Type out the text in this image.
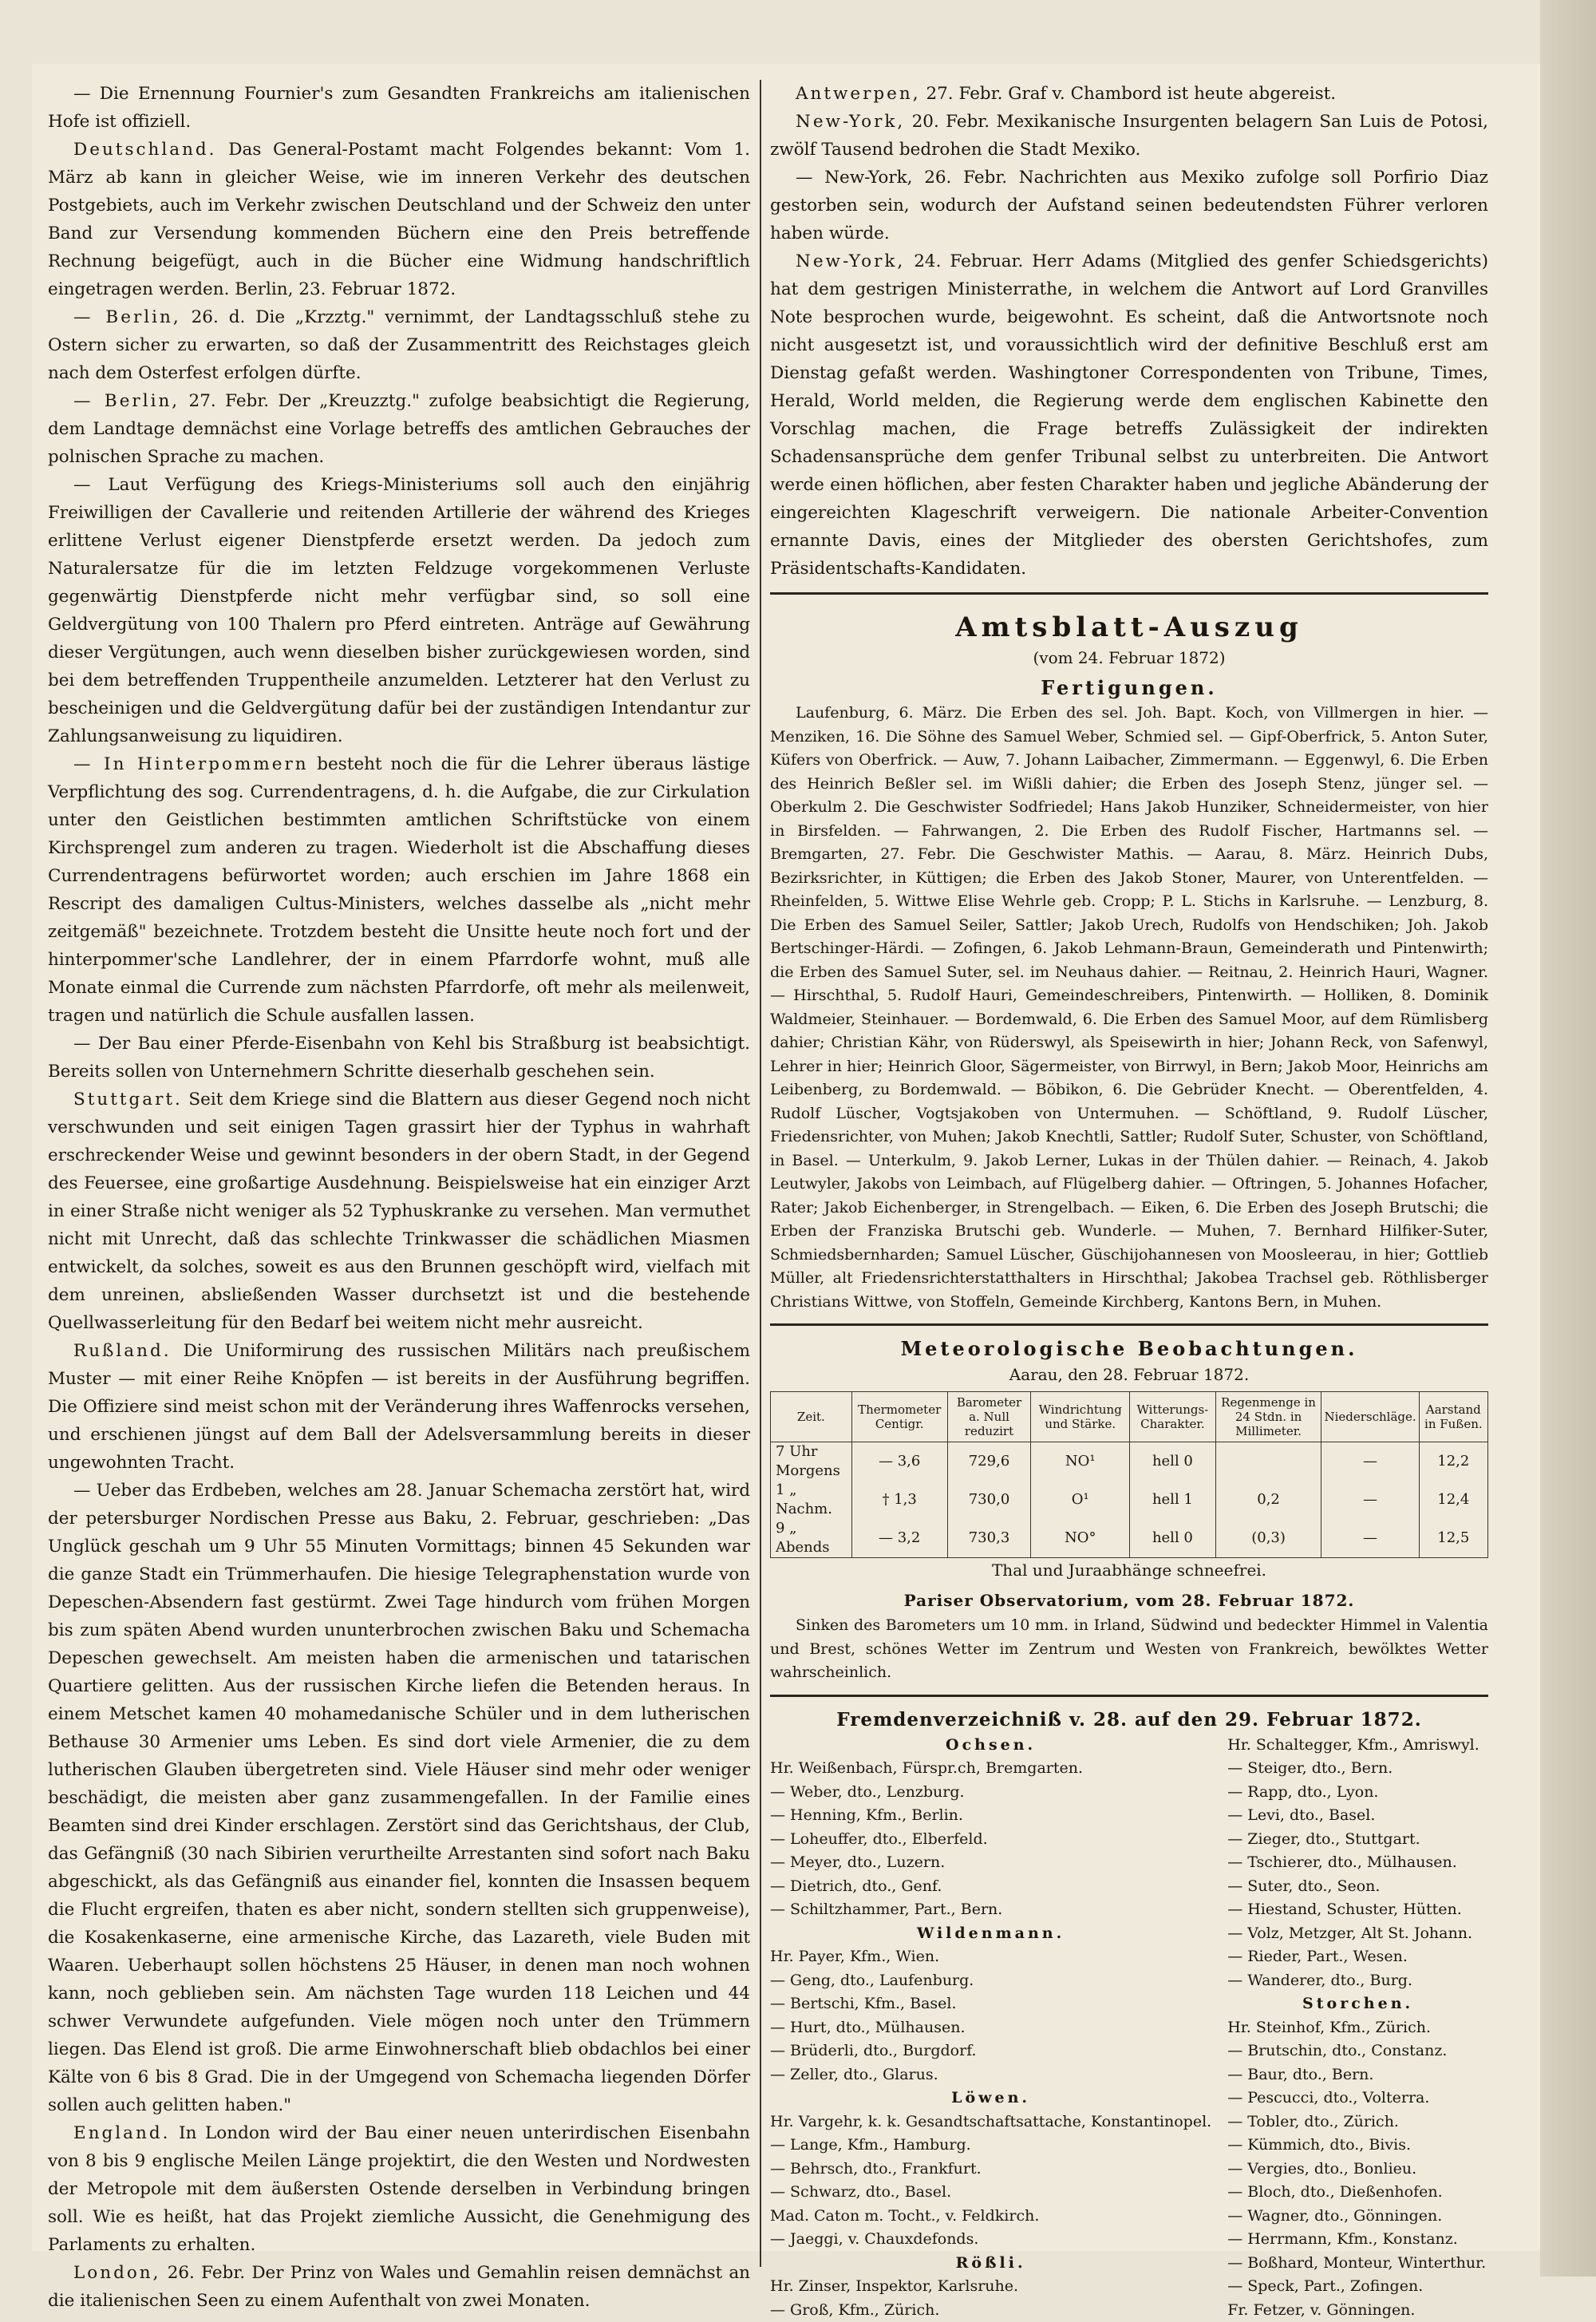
— Die Ernennung Fournier's zum Gesandten Frankreichs am italienischen Hofe ist offiziell.

Deutschland. Das General-Postamt macht Folgendes bekannt: Vom 1. März ab kann in gleicher Weise, wie im inneren Verkehr des deutschen Postgebiets, auch im Verkehr zwischen Deutschland und der Schweiz den unter Band zur Versendung kommenden Büchern eine den Preis betreffende Rechnung beigefügt, auch in die Bücher eine Widmung handschriftlich eingetragen werden. Berlin, 23. Februar 1872.

— Berlin, 26. d. Die „Krzztg." vernimmt, der Landtagsschluß stehe zu Ostern sicher zu erwarten, so daß der Zusammentritt des Reichstages gleich nach dem Osterfest erfolgen dürfte.

— Berlin, 27. Febr. Der „Kreuzztg." zufolge beabsichtigt die Regierung, dem Landtage demnächst eine Vorlage betreffs des amtlichen Gebrauches der polnischen Sprache zu machen.

— Laut Verfügung des Kriegs-Ministeriums soll auch den einjährig Freiwilligen der Cavallerie und reitenden Artillerie der während des Krieges erlittene Verlust eigener Dienstpferde ersetzt werden. Da jedoch zum Naturalersatze für die im letzten Feldzuge vorgekommenen Verluste gegenwärtig Dienstpferde nicht mehr verfügbar sind, so soll eine Geldvergütung von 100 Thalern pro Pferd eintreten. Anträge auf Gewährung dieser Vergütungen, auch wenn dieselben bisher zurückgewiesen worden, sind bei dem betreffenden Truppentheile anzumelden. Letzterer hat den Verlust zu bescheinigen und die Geldvergütung dafür bei der zuständigen Intendantur zur Zahlungsanweisung zu liquidiren.

— In Hinterpommern besteht noch die für die Lehrer überaus lästige Verpflichtung des sog. Currendentragens, d. h. die Aufgabe, die zur Cirkulation unter den Geistlichen bestimmten amtlichen Schriftstücke von einem Kirchsprengel zum anderen zu tragen. Wiederholt ist die Abschaffung dieses Currendentragens befürwortet worden; auch erschien im Jahre 1868 ein Rescript des damaligen Cultus-Ministers, welches dasselbe als „nicht mehr zeitgemäß" bezeichnete. Trotzdem besteht die Unsitte heute noch fort und der hinterpommer'sche Landlehrer, der in einem Pfarrdorfe wohnt, muß alle Monate einmal die Currende zum nächsten Pfarrdorfe, oft mehr als meilenweit, tragen und natürlich die Schule ausfallen lassen.

— Der Bau einer Pferde-Eisenbahn von Kehl bis Straßburg ist beabsichtigt. Bereits sollen von Unternehmern Schritte dieserhalb geschehen sein.

Stuttgart. Seit dem Kriege sind die Blattern aus dieser Gegend noch nicht verschwunden und seit einigen Tagen grassirt hier der Typhus in wahrhaft erschreckender Weise und gewinnt besonders in der obern Stadt, in der Gegend des Feuersee, eine großartige Ausdehnung. Beispielsweise hat ein einziger Arzt in einer Straße nicht weniger als 52 Typhuskranke zu versehen. Man vermuthet nicht mit Unrecht, daß das schlechte Trinkwasser die schädlichen Miasmen entwickelt, da solches, soweit es aus den Brunnen geschöpft wird, vielfach mit dem unreinen, absließenden Wasser durchsetzt ist und die bestehende Quellwasserleitung für den Bedarf bei weitem nicht mehr ausreicht.

Rußland. Die Uniformirung des russischen Militärs nach preußischem Muster — mit einer Reihe Knöpfen — ist bereits in der Ausführung begriffen. Die Offiziere sind meist schon mit der Veränderung ihres Waffenrocks versehen, und erschienen jüngst auf dem Ball der Adelsversammlung bereits in dieser ungewohnten Tracht.

— Ueber das Erdbeben, welches am 28. Januar Schemacha zerstört hat, wird der petersburger Nordischen Presse aus Baku, 2. Februar, geschrieben: „Das Unglück geschah um 9 Uhr 55 Minuten Vormittags; binnen 45 Sekunden war die ganze Stadt ein Trümmerhaufen. Die hiesige Telegraphenstation wurde von Depeschen-Absendern fast gestürmt. Zwei Tage hindurch vom frühen Morgen bis zum späten Abend wurden ununterbrochen zwischen Baku und Schemacha Depeschen gewechselt. Am meisten haben die armenischen und tatarischen Quartiere gelitten. Aus der russischen Kirche liefen die Betenden heraus. In einem Metschet kamen 40 mohamedanische Schüler und in dem lutherischen Bethause 30 Armenier ums Leben. Es sind dort viele Armenier, die zu dem lutherischen Glauben übergetreten sind. Viele Häuser sind mehr oder weniger beschädigt, die meisten aber ganz zusammengefallen. In der Familie eines Beamten sind drei Kinder erschlagen. Zerstört sind das Gerichtshaus, der Club, das Gefängniß (30 nach Sibirien verurtheilte Arrestanten sind sofort nach Baku abgeschickt, als das Gefängniß aus einander fiel, konnten die Insassen bequem die Flucht ergreifen, thaten es aber nicht, sondern stellten sich gruppenweise), die Kosakenkaserne, eine armenische Kirche, das Lazareth, viele Buden mit Waaren. Ueberhaupt sollen höchstens 25 Häuser, in denen man noch wohnen kann, noch geblieben sein. Am nächsten Tage wurden 118 Leichen und 44 schwer Verwundete aufgefunden. Viele mögen noch unter den Trümmern liegen. Das Elend ist groß. Die arme Einwohnerschaft blieb obdachlos bei einer Kälte von 6 bis 8 Grad. Die in der Umgegend von Schemacha liegenden Dörfer sollen auch gelitten haben."

England. In London wird der Bau einer neuen unterirdischen Eisenbahn von 8 bis 9 englische Meilen Länge projektirt, die den Westen und Nordwesten der Metropole mit dem äußersten Ostende derselben in Verbindung bringen soll. Wie es heißt, hat das Projekt ziemliche Aussicht, die Genehmigung des Parlaments zu erhalten.

London, 26. Febr. Der Prinz von Wales und Gemahlin reisen demnächst an die italienischen Seen zu einem Aufenthalt von zwei Monaten.

Antwerpen, 27. Febr. Graf v. Chambord ist heute abgereist.

New-York, 20. Febr. Mexikanische Insurgenten belagern San Luis de Potosi, zwölf Tausend bedrohen die Stadt Mexiko.

— New-York, 26. Febr. Nachrichten aus Mexiko zufolge soll Porfirio Diaz gestorben sein, wodurch der Aufstand seinen bedeutendsten Führer verloren haben würde.

New-York, 24. Februar. Herr Adams (Mitglied des genfer Schiedsgerichts) hat dem gestrigen Ministerrathe, in welchem die Antwort auf Lord Granvilles Note besprochen wurde, beigewohnt. Es scheint, daß die Antwortsnote noch nicht ausgesetzt ist, und voraussichtlich wird der definitive Beschluß erst am Dienstag gefaßt werden. Washingtoner Correspondenten von Tribune, Times, Herald, World melden, die Regierung werde dem englischen Kabinette den Vorschlag machen, die Frage betreffs Zulässigkeit der indirekten Schadensansprüche dem genfer Tribunal selbst zu unterbreiten. Die Antwort werde einen höflichen, aber festen Charakter haben und jegliche Abänderung der eingereichten Klageschrift verweigern. Die nationale Arbeiter-Convention ernannte Davis, eines der Mitglieder des obersten Gerichtshofes, zum Präsidentschafts-Kandidaten.

Amtsblatt-Auszug

(vom 24. Februar 1872)

Fertigungen.

Laufenburg, 6. März. Die Erben des sel. Joh. Bapt. Koch, von Villmergen in hier. — Menziken, 16. Die Söhne des Samuel Weber, Schmied sel. — Gipf-Oberfrick, 5. Anton Suter, Küfers von Oberfrick. — Auw, 7. Johann Laibacher, Zimmermann. — Eggenwyl, 6. Die Erben des Heinrich Beßler sel. im Wißli dahier; die Erben des Joseph Stenz, jünger sel. — Oberkulm 2. Die Geschwister Sodfriedel; Hans Jakob Hunziker, Schneidermeister, von hier in Birsfelden. — Fahrwangen, 2. Die Erben des Rudolf Fischer, Hartmanns sel. — Bremgarten, 27. Febr. Die Geschwister Mathis. — Aarau, 8. März. Heinrich Dubs, Bezirksrichter, in Küttigen; die Erben des Jakob Stoner, Maurer, von Unterentfelden. — Rheinfelden, 5. Wittwe Elise Wehrle geb. Cropp; P. L. Stichs in Karlsruhe. — Lenzburg, 8. Die Erben des Samuel Seiler, Sattler; Jakob Urech, Rudolfs von Hendschiken; Joh. Jakob Bertschinger-Härdi. — Zofingen, 6. Jakob Lehmann-Braun, Gemeinderath und Pintenwirth; die Erben des Samuel Suter, sel. im Neuhaus dahier. — Reitnau, 2. Heinrich Hauri, Wagner. — Hirschthal, 5. Rudolf Hauri, Gemeindeschreibers, Pintenwirth. — Holliken, 8. Dominik Waldmeier, Steinhauer. — Bordemwald, 6. Die Erben des Samuel Moor, auf dem Rümlisberg dahier; Christian Kähr, von Rüderswyl, als Speisewirth in hier; Johann Reck, von Safenwyl, Lehrer in hier; Heinrich Gloor, Sägermeister, von Birrwyl, in Bern; Jakob Moor, Heinrichs am Leibenberg, zu Bordemwald. — Böbikon, 6. Die Gebrüder Knecht. — Oberentfelden, 4. Rudolf Lüscher, Vogtsjakoben von Untermuhen. — Schöftland, 9. Rudolf Lüscher, Friedensrichter, von Muhen; Jakob Knechtli, Sattler; Rudolf Suter, Schuster, von Schöftland, in Basel. — Unterkulm, 9. Jakob Lerner, Lukas in der Thülen dahier. — Reinach, 4. Jakob Leutwyler, Jakobs von Leimbach, auf Flügelberg dahier. — Oftringen, 5. Johannes Hofacher, Rater; Jakob Eichenberger, in Strengelbach. — Eiken, 6. Die Erben des Joseph Brutschi; die Erben der Franziska Brutschi geb. Wunderle. — Muhen, 7. Bernhard Hilfiker-Suter, Schmiedsbernharden; Samuel Lüscher, Güschijohannesen von Moosleerau, in hier; Gottlieb Müller, alt Friedensrichterstatthalters in Hirschthal; Jakobea Trachsel geb. Röthlisberger Christians Wittwe, von Stoffeln, Gemeinde Kirchberg, Kantons Bern, in Muhen.

Meteorologische Beobachtungen.

Aarau, den 28. Februar 1872.

Zeit.	Thermometer Centigr.	Barometer a. Null reduzirt	Windrichtung und Stärke.	Witterungs-Charakter.	Regenmenge in 24 Stdn. in Millimeter.	Niederschläge.	Aarstand in Fußen.
7 Uhr Morgens	— 3,6	729,6	NO¹	hell 0		—	12,2
1 „ Nachm.	† 1,3	730,0	O¹	hell 1	0,2	—	12,4
9 „ Abends	— 3,2	730,3	NO°	hell 0	(0,3)	—	12,5

Thal und Juraabhänge schneefrei.

Pariser Observatorium, vom 28. Februar 1872.

Sinken des Barometers um 10 mm. in Irland, Südwind und bedeckter Himmel in Valentia und Brest, schönes Wetter im Zentrum und Westen von Frankreich, bewölktes Wetter wahrscheinlich.

Fremdenverzeichniß v. 28. auf den 29. Februar 1872.

Ochsen.
Hr. Weißenbach, Fürspr.ch, Bremgarten.
— Weber, dto., Lenzburg.
— Henning, Kfm., Berlin.
— Loheuffer, dto., Elberfeld.
— Meyer, dto., Luzern.
— Dietrich, dto., Genf.
— Schiltzhammer, Part., Bern.
Wildenmann.
Hr. Payer, Kfm., Wien.
— Geng, dto., Laufenburg.
— Bertschi, Kfm., Basel.
— Hurt, dto., Mülhausen.
— Brüderli, dto., Burgdorf.
— Zeller, dto., Glarus.
Löwen.
Hr. Vargehr, k. k. Gesandtschaftsattache, Konstantinopel.
— Lange, Kfm., Hamburg.
— Behrsch, dto., Frankfurt.
— Schwarz, dto., Basel.
Mad. Caton m. Tocht., v. Feldkirch.
— Jaeggi, v. Chauxdefonds.
Rößli.
Hr. Zinser, Inspektor, Karlsruhe.
— Groß, Kfm., Zürich.
Hr. Schaltegger, Kfm., Amriswyl.
— Steiger, dto., Bern.
— Rapp, dto., Lyon.
— Levi, dto., Basel.
— Zieger, dto., Stuttgart.
— Tschierer, dto., Mülhausen.
— Suter, dto., Seon.
— Hiestand, Schuster, Hütten.
— Volz, Metzger, Alt St. Johann.
— Rieder, Part., Wesen.
— Wanderer, dto., Burg.
Storchen.
Hr. Steinhof, Kfm., Zürich.
— Brutschin, dto., Constanz.
— Baur, dto., Bern.
— Pescucci, dto., Volterra.
— Tobler, dto., Zürich.
— Kümmich, dto., Bivis.
— Vergies, dto., Bonlieu.
— Bloch, dto., Dießenhofen.
— Wagner, dto., Gönningen.
— Herrmann, Kfm., Konstanz.
— Boßhard, Monteur, Winterthur.
— Speck, Part., Zofingen.
Fr. Fetzer, v. Gönningen.
